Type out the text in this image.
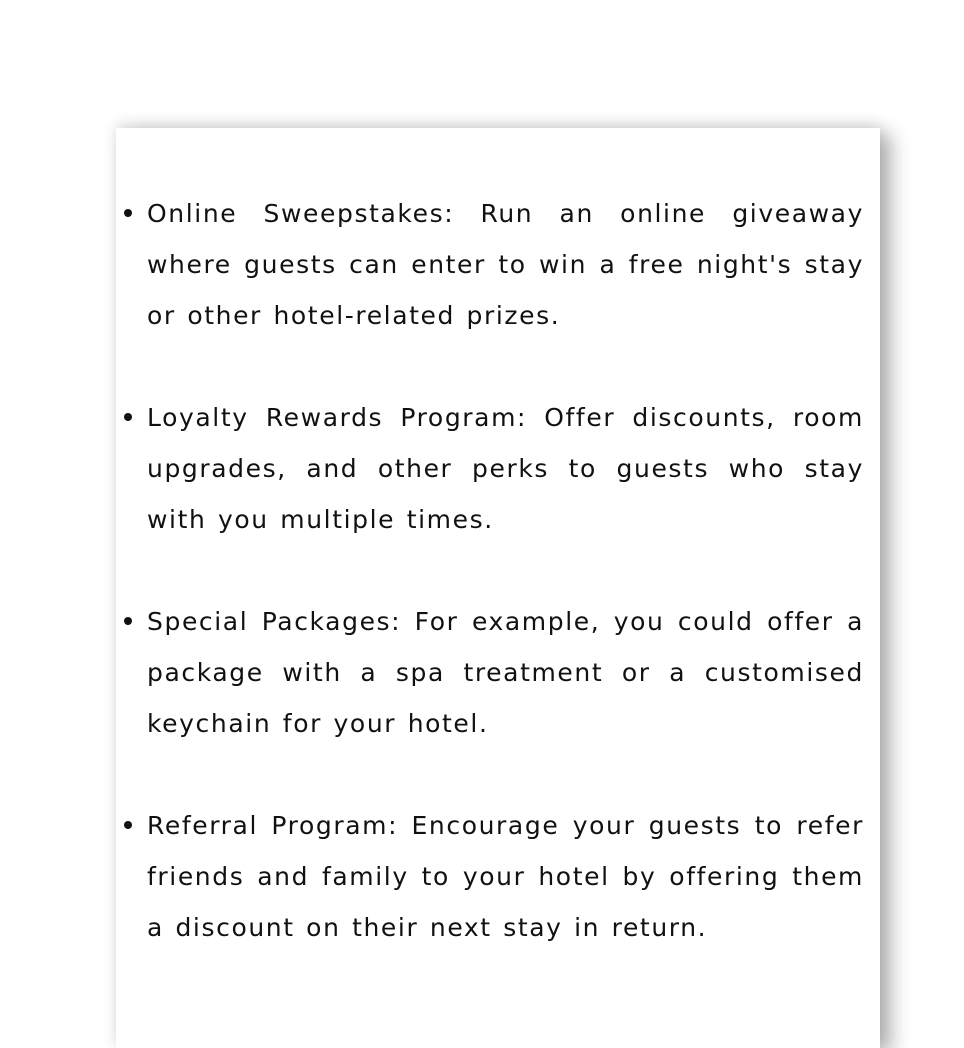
Online Sweepstakes: Run an online giveaway where guests can enter to win a free night's stay or other hotel-related prizes.
Loyalty Rewards Program: Offer discounts, room upgrades, and other perks to guests who stay with you multiple times.
Special Packages: For example, you could offer a package with a spa treatment or a customised keychain for your hotel.
Referral Program: Encourage your guests to refer friends and family to your hotel by offering them a discount on their next stay in return.
